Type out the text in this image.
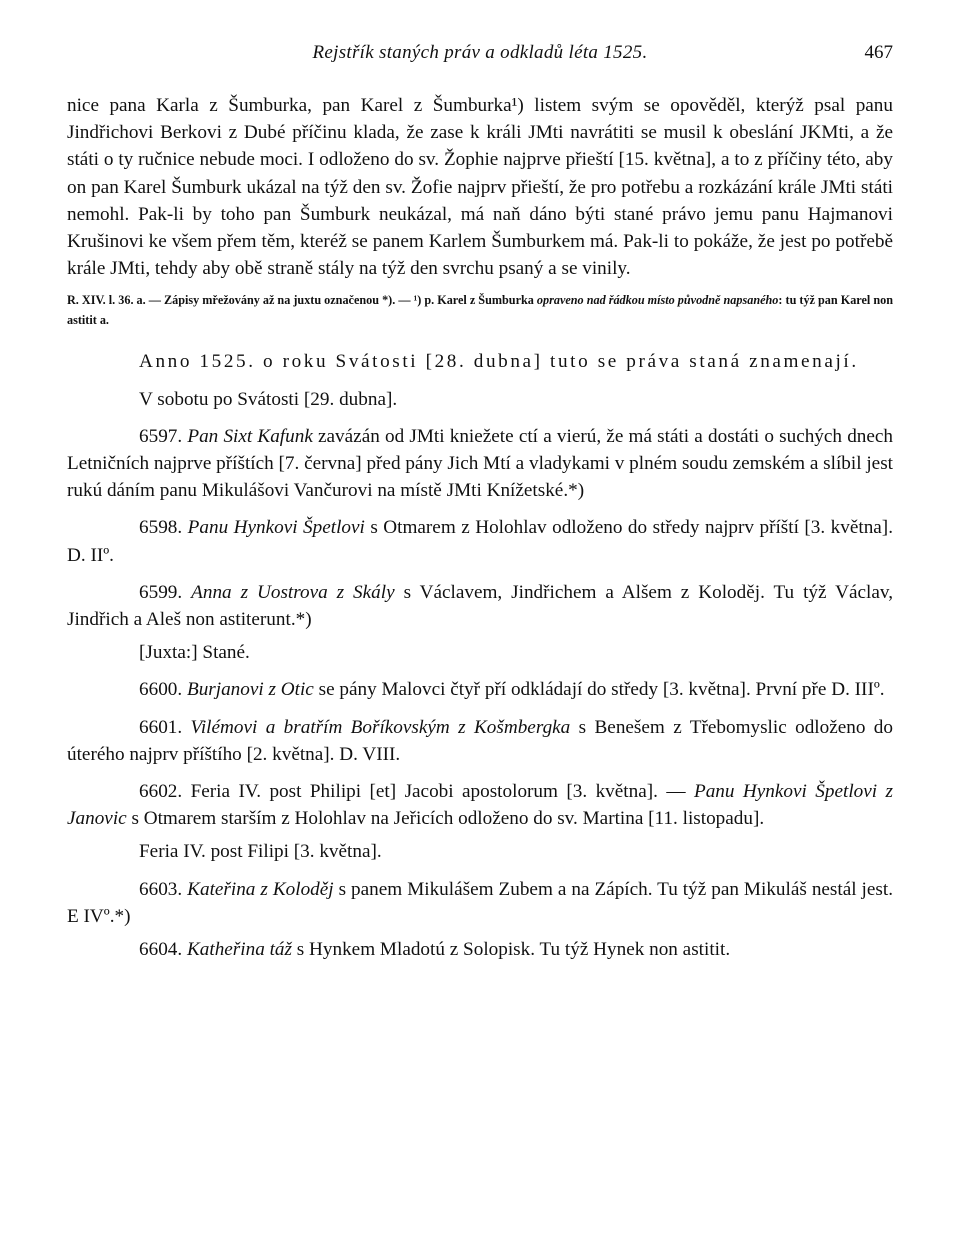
Rejstřík staných práv a odkladů léta 1525.	467

nice pana Karla z Šumburka, pan Karel z Šumburka¹) listem svým se opověděl, kterýž psal panu Jindřichovi Berkovi z Dubé příčinu klada, že zase k králi JMti navrátiti se musil k obeslání JKMti, a že státi o ty ručnice nebude moci. I odloženo do sv. Žophie najprve přieští [15. května], a to z příčiny této, aby on pan Karel Šumburk ukázal na týž den sv. Žofie najprv přieští, že pro potřebu a rozkázání krále JMti státi nemohl. Pak-li by toho pan Šumburk neukázal, má naň dáno býti stané právo jemu panu Hajmanovi Krušinovi ke všem přem těm, kteréž se panem Karlem Šumburkem má. Pak-li to pokáže, že jest po potřebě krále JMti, tehdy aby obě straně stály na týž den svrchu psaný a se vinily.

R. XIV. l. 36. a. — Zápisy mřežovány až na juxtu označenou *). — ¹) p. Karel z Šumburka opraveno nad řádkou místo původně napsaného: tu týž pan Karel non astitit a.

Anno 1525. o roku Svátosti [28. dubna] tuto se práva staná znamenají.

V sobotu po Svátosti [29. dubna].

6597. Pan Sixt Kafunk zavázán od JMti kniežete ctí a vierú, že má státi a dostáti o suchých dnech Letničních najprve příštích [7. června] před pány Jich Mtí a vladykami v plném soudu zemském a slíbil jest rukú dáním panu Mikulášovi Vančurovi na místě JMti Knížetské.*)

6598. Panu Hynkovi Špetlovi s Otmarem z Holohlav odloženo do středy najprv příští [3. května]. D. IIº.

6599. Anna z Uostrova z Skály s Václavem, Jindřichem a Alšem z Koloděj. Tu týž Václav, Jindřich a Aleš non astiterunt.*)

[Juxta:] Stané.

6600. Burjanovi z Otic se pány Malovci čtyř pří odkládají do středy [3. května]. První pře D. IIIº.

6601. Vilémovi a bratřím Boříkovským z Košmbergka s Benešem z Třebomyslic odloženo do úterého najprv příštího [2. května]. D. VIII.

6602. Feria IV. post Philipi [et] Jacobi apostolorum [3. května]. — Panu Hynkovi Špetlovi z Janovic s Otmarem starším z Holohlav na Jeřicích odloženo do sv. Martina [11. listopadu].

Feria IV. post Filipi [3. května].

6603. Kateřina z Koloděj s panem Mikulášem Zubem a na Zápích. Tu týž pan Mikuláš nestál jest. E IVº.*)

6604. Katheřina táž s Hynkem Mladotú z Solopisk. Tu týž Hynek non astitit.
